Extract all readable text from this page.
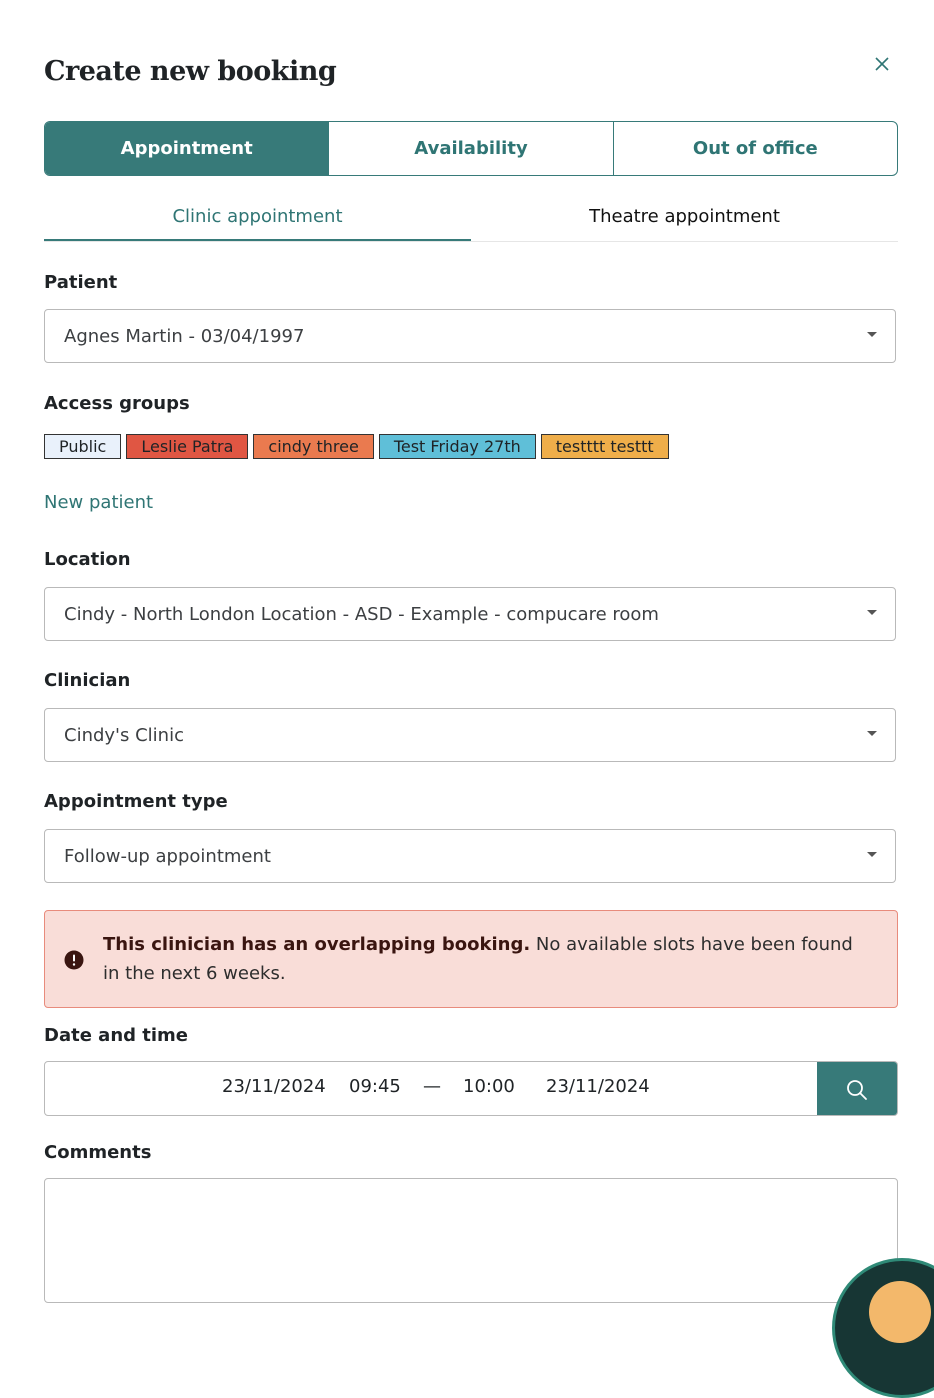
Create new booking
Appointment	Availability	Out of office
Clinic appointment	Theatre appointment
Patient
Agnes Martin - 03/04/1997
Access groups
Public	Leslie Patra	cindy three	Test Friday 27th	testttt testtt
New patient
Location
Cindy - North London Location - ASD - Example - compucare room
Clinician
Cindy's Clinic
Appointment type
Follow-up appointment
This clinician has an overlapping booking. No available slots have been found in the next 6 weeks.
Date and time
23/11/2024 09:45 — 10:00 23/11/2024
Comments
